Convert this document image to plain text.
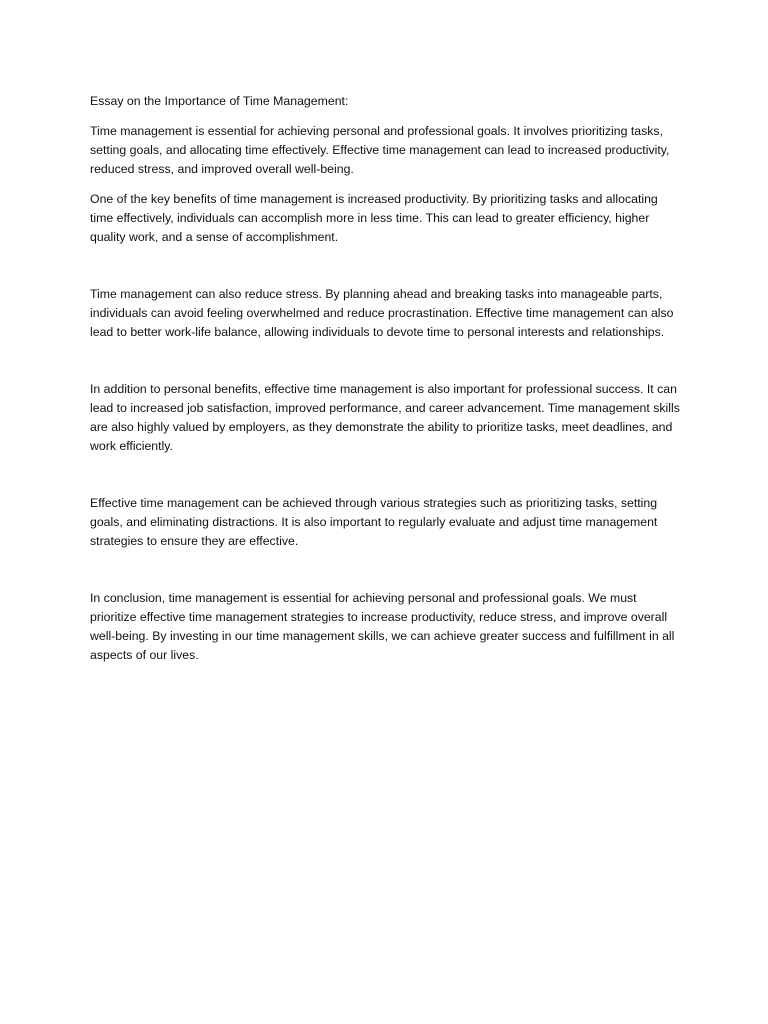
Essay on the Importance of Time Management:

Time management is essential for achieving personal and professional goals. It involves prioritizing tasks, setting goals, and allocating time effectively. Effective time management can lead to increased productivity, reduced stress, and improved overall well-being.

One of the key benefits of time management is increased productivity. By prioritizing tasks and allocating time effectively, individuals can accomplish more in less time. This can lead to greater efficiency, higher quality work, and a sense of accomplishment.

Time management can also reduce stress. By planning ahead and breaking tasks into manageable parts, individuals can avoid feeling overwhelmed and reduce procrastination. Effective time management can also lead to better work-life balance, allowing individuals to devote time to personal interests and relationships.

In addition to personal benefits, effective time management is also important for professional success. It can lead to increased job satisfaction, improved performance, and career advancement. Time management skills are also highly valued by employers, as they demonstrate the ability to prioritize tasks, meet deadlines, and work efficiently.

Effective time management can be achieved through various strategies such as prioritizing tasks, setting goals, and eliminating distractions. It is also important to regularly evaluate and adjust time management strategies to ensure they are effective.

In conclusion, time management is essential for achieving personal and professional goals. We must prioritize effective time management strategies to increase productivity, reduce stress, and improve overall well-being. By investing in our time management skills, we can achieve greater success and fulfillment in all aspects of our lives.
